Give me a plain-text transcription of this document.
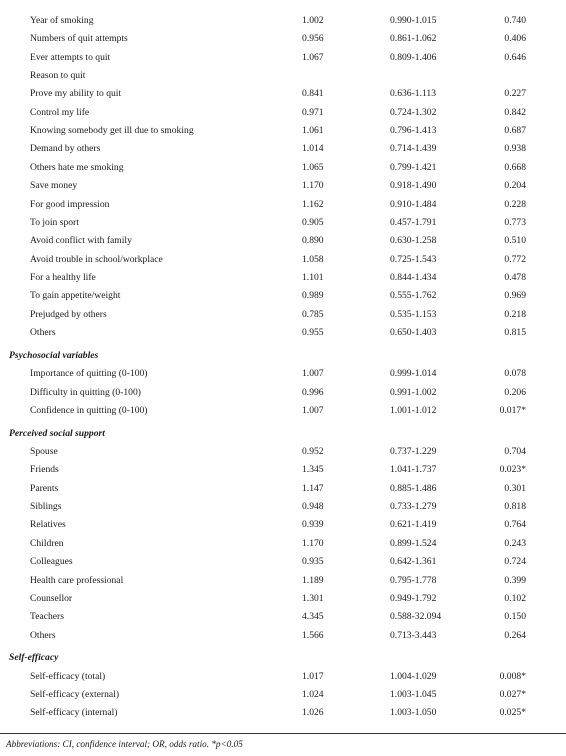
Year of smoking	1.002	0.990-1.015	0.740
Numbers of quit attempts	0.956	0.861-1.062	0.406
Ever attempts to quit	1.067	0.809-1.406	0.646
Reason to quit
Prove my ability to quit	0.841	0.636-1.113	0.227
Control my life	0.971	0.724-1.302	0.842
Knowing somebody get ill due to smoking	1.061	0.796-1.413	0.687
Demand by others	1.014	0.714-1.439	0.938
Others hate me smoking	1.065	0.799-1.421	0.668
Save money	1.170	0.918-1.490	0.204
For good impression	1.162	0.910-1.484	0.228
To join sport	0.905	0.457-1.791	0.773
Avoid conflict with family	0.890	0.630-1.258	0.510
Avoid trouble in school/workplace	1.058	0.725-1.543	0.772
For a healthy life	1.101	0.844-1.434	0.478
To gain appetite/weight	0.989	0.555-1.762	0.969
Prejudged by others	0.785	0.535-1.153	0.218
Others	0.955	0.650-1.403	0.815
Psychosocial variables
Importance of quitting (0-100)	1.007	0.999-1.014	0.078
Difficulty in quitting (0-100)	0.996	0.991-1.002	0.206
Confidence in quitting (0-100)	1.007	1.001-1.012	0.017*
Perceived social support
Spouse	0.952	0.737-1.229	0.704
Friends	1.345	1.041-1.737	0.023*
Parents	1.147	0.885-1.486	0.301
Siblings	0.948	0.733-1.279	0.818
Relatives	0.939	0.621-1.419	0.764
Children	1.170	0.899-1.524	0.243
Colleagues	0.935	0.642-1.361	0.724
Health care professional	1.189	0.795-1.778	0.399
Counsellor	1.301	0.949-1.792	0.102
Teachers	4.345	0.588-32.094	0.150
Others	1.566	0.713-3.443	0.264
Self-efficacy
Self-efficacy (total)	1.017	1.004-1.029	0.008*
Self-efficacy (external)	1.024	1.003-1.045	0.027*
Self-efficacy (internal)	1.026	1.003-1.050	0.025*
Abbreviations: CI, confidence interval; OR, odds ratio. *p<0.05
